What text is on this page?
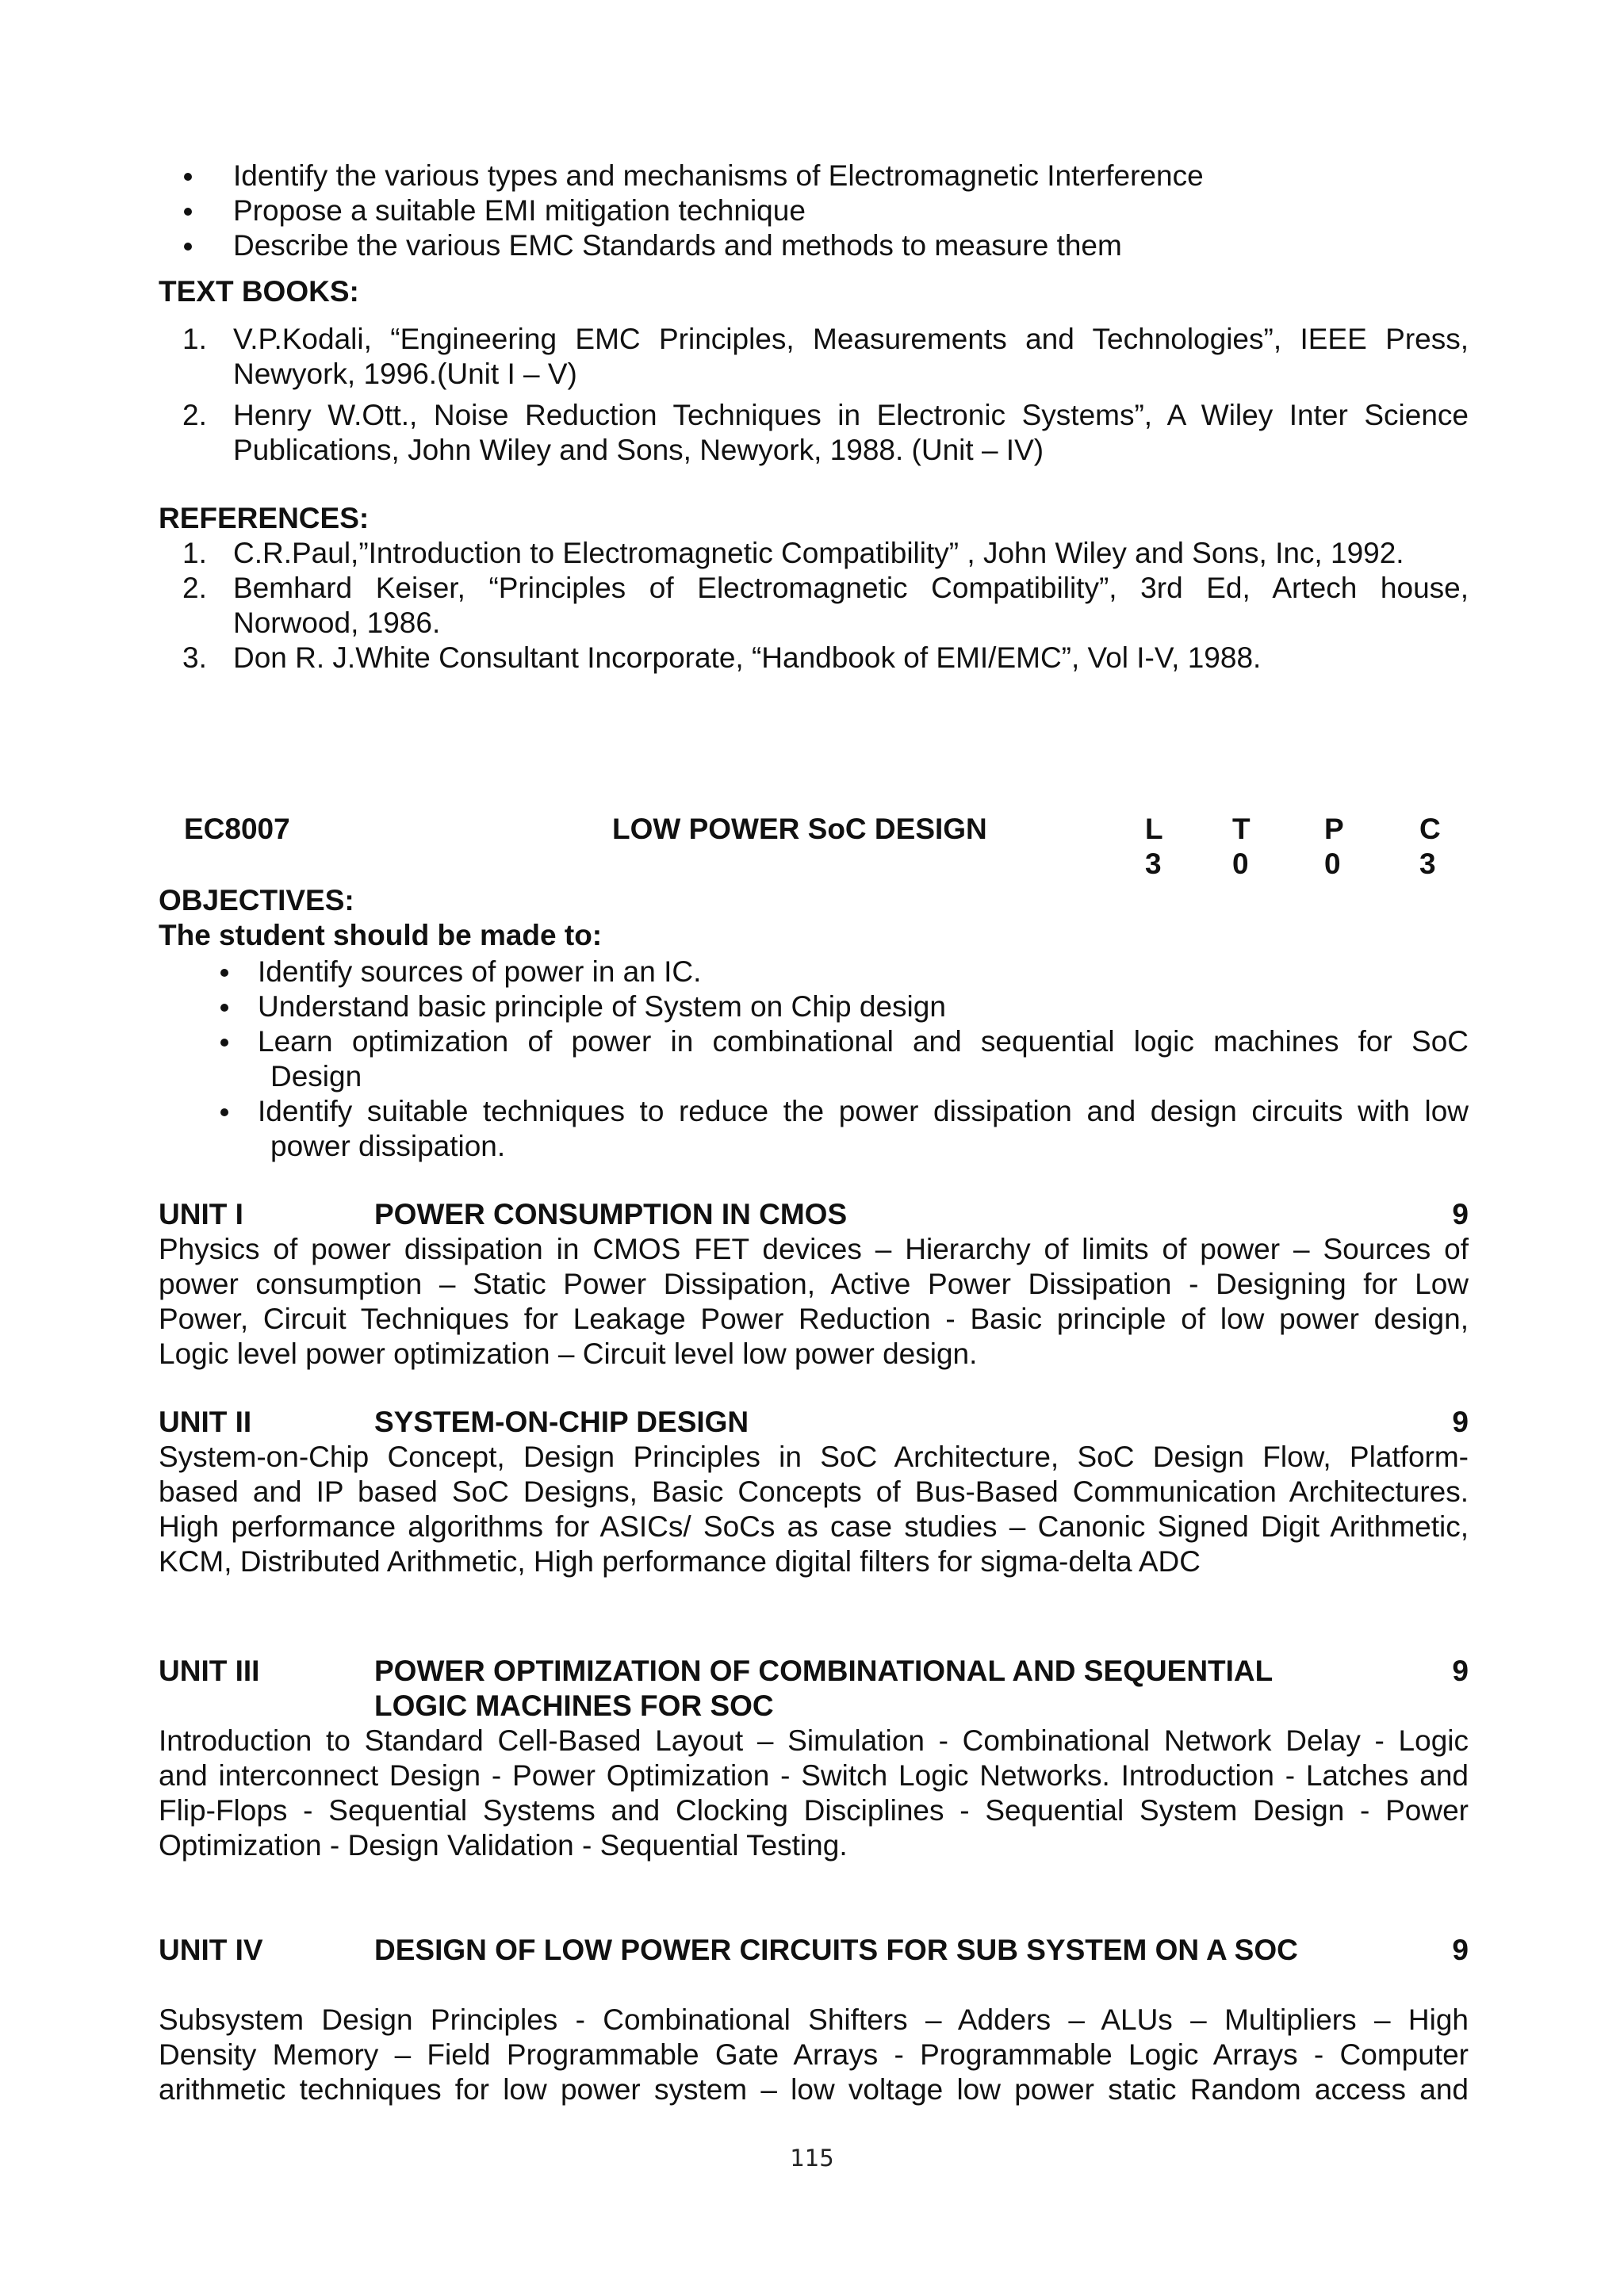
Identify the various types and mechanisms of Electromagnetic Interference
Propose a suitable EMI mitigation technique
Describe the various EMC Standards and methods to measure them
TEXT BOOKS:
1. V.P.Kodali, “Engineering EMC Principles, Measurements and Technologies”, IEEE Press,
Newyork, 1996.(Unit I – V)
2. Henry W.Ott., Noise Reduction Techniques in Electronic Systems”, A Wiley Inter Science
Publications, John Wiley and Sons, Newyork, 1988. (Unit – IV)
REFERENCES:
1. C.R.Paul,”Introduction to Electromagnetic Compatibility” , John Wiley and Sons, Inc, 1992.
2. Bemhard Keiser, “Principles of Electromagnetic Compatibility”, 3rd Ed, Artech house,
Norwood, 1986.
3. Don R. J.White Consultant Incorporate, “Handbook of EMI/EMC”, Vol I-V, 1988.
EC8007	LOW POWER SoC DESIGN	L T	P	C
3 0	0	3
OBJECTIVES:
The student should be made to:
Identify sources of power in an IC.
Understand basic principle of System on Chip design
Learn optimization of power in combinational and sequential logic machines for SoC
Design
Identify suitable techniques to reduce the power dissipation and design circuits with low
power dissipation.
UNIT I	POWER CONSUMPTION IN CMOS	9
Physics of power dissipation in CMOS FET devices – Hierarchy of limits of power – Sources of
power consumption – Static Power Dissipation, Active Power Dissipation - Designing for Low
Power, Circuit Techniques for Leakage Power Reduction - Basic principle of low power design,
Logic level power optimization – Circuit level low power design.
UNIT II	SYSTEM-ON-CHIP DESIGN	9
System-on-Chip Concept, Design Principles in SoC Architecture, SoC Design Flow, Platform-
based and IP based SoC Designs, Basic Concepts of Bus-Based Communication Architectures.
High performance algorithms for ASICs/ SoCs as case studies – Canonic Signed Digit Arithmetic,
KCM, Distributed Arithmetic, High performance digital filters for sigma-delta ADC
UNIT III	POWER OPTIMIZATION OF COMBINATIONAL AND SEQUENTIAL LOGIC MACHINES FOR SOC
9
Introduction to Standard Cell-Based Layout – Simulation - Combinational Network Delay - Logic
and interconnect Design - Power Optimization - Switch Logic Networks. Introduction - Latches and
Flip-Flops - Sequential Systems and Clocking Disciplines - Sequential System Design - Power
Optimization - Design Validation - Sequential Testing.
UNIT IV	DESIGN OF LOW POWER CIRCUITS FOR SUB SYSTEM ON A SOC	9
Subsystem Design Principles - Combinational Shifters – Adders – ALUs – Multipliers – High
Density Memory – Field Programmable Gate Arrays - Programmable Logic Arrays - Computer
arithmetic techniques for low power system – low voltage low power static Random access and
115
